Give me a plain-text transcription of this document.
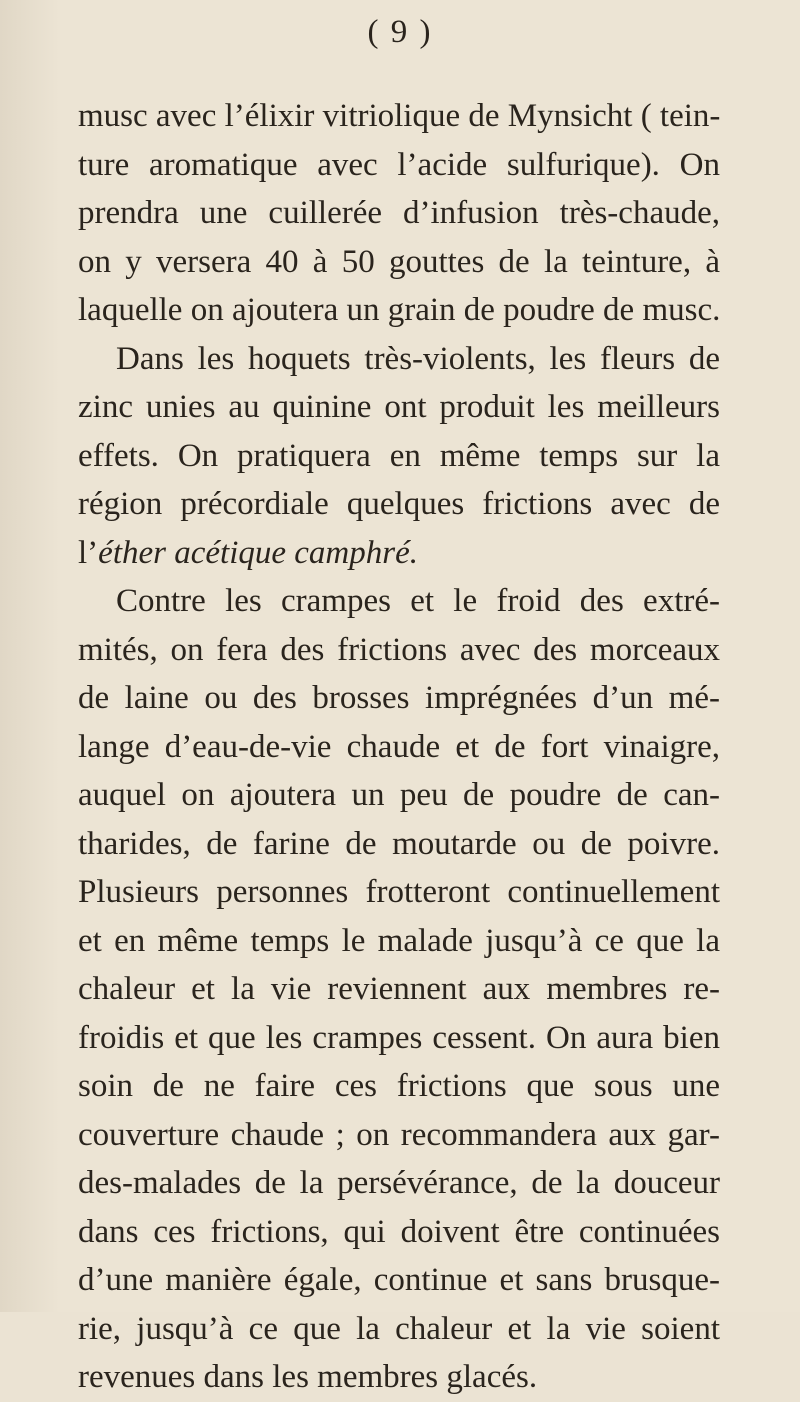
( 9 )
musc avec l’élixir vitriolique de Mynsicht ( tein-
ture aromatique avec l’acide sulfurique). On
prendra une cuillerée d’infusion très-chaude,
on y versera 40 à 50 gouttes de la teinture, à
laquelle on ajoutera un grain de poudre de musc.
Dans les hoquets très-violents, les fleurs de
zinc unies au quinine ont produit les meilleurs
effets. On pratiquera en même temps sur la
région précordiale quelques frictions avec de
l’éther acétique camphré.
Contre les crampes et le froid des extré-
mités, on fera des frictions avec des morceaux
de laine ou des brosses imprégnées d’un mé-
lange d’eau-de-vie chaude et de fort vinaigre,
auquel on ajoutera un peu de poudre de can-
tharides, de farine de moutarde ou de poivre.
Plusieurs personnes frotteront continuellement
et en même temps le malade jusqu’à ce que la
chaleur et la vie reviennent aux membres re-
froidis et que les crampes cessent. On aura bien
soin de ne faire ces frictions que sous une
couverture chaude ; on recommandera aux gar-
des-malades de la persévérance, de la douceur
dans ces frictions, qui doivent être continuées
d’une manière égale, continue et sans brusque-
rie, jusqu’à ce que la chaleur et la vie soient
revenues dans les membres glacés.
